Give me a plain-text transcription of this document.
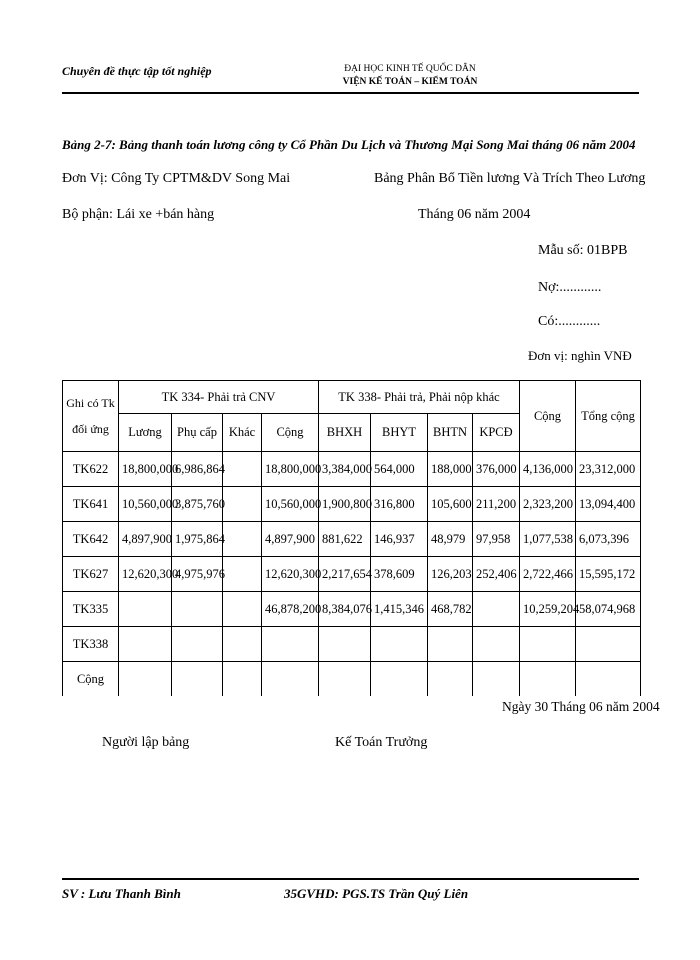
Chuyên đề thực tập tốt nghiệp	ĐẠI HỌC KINH TẾ QUỐC DÂN
VIỆN KẾ TOÁN – KIỂM TOÁN
Bảng 2-7: Bảng thanh toán lương công ty Cổ Phần Du Lịch và Thương Mại Song Mai tháng 06 năm 2004
Đơn Vị: Công Ty CPTM&DV Song Mai	Bảng Phân Bổ Tiền lương Và Trích Theo Lương
Bộ phận: Lái xe +bán hàng	Tháng 06 năm 2004
Mẫu số: 01BPB
Nợ:............
Có:............
Đơn vị: nghìn VNĐ
Ghi có Tk đối ứng	TK 334- Phải trả CNV				TK 338- Phải trả, Phải nộp khác				Cộng	Tổng cộng
	Lương	Phụ cấp	Khác	Cộng	BHXH	BHYT	BHTN	KPCĐ		
TK622	18,800,000	6,986,864		18,800,000	3,384,000	564,000	188,000	376,000	4,136,000	23,312,000
TK641	10,560,000	3,875,760		10,560,000	1,900,800	316,800	105,600	211,200	2,323,200	13,094,400
TK642	4,897,900	1,975,864		4,897,900	881,622	146,937	48,979	97,958	1,077,538	6,073,396
TK627	12,620,300	4,975,976		12,620,300	2,217,654	378,609	126,203	252,406	2,722,466	15,595,172
TK335				46,878,200	8,384,076	1,415,346	468,782		10,259,204	58,074,968
TK338										
Cộng										
Ngày 30 Tháng 06 năm 2004
Người lập bảng	Kế Toán Trưởng
SV : Lưu Thanh Bình	35GVHD: PGS.TS Trần Quý Liên
